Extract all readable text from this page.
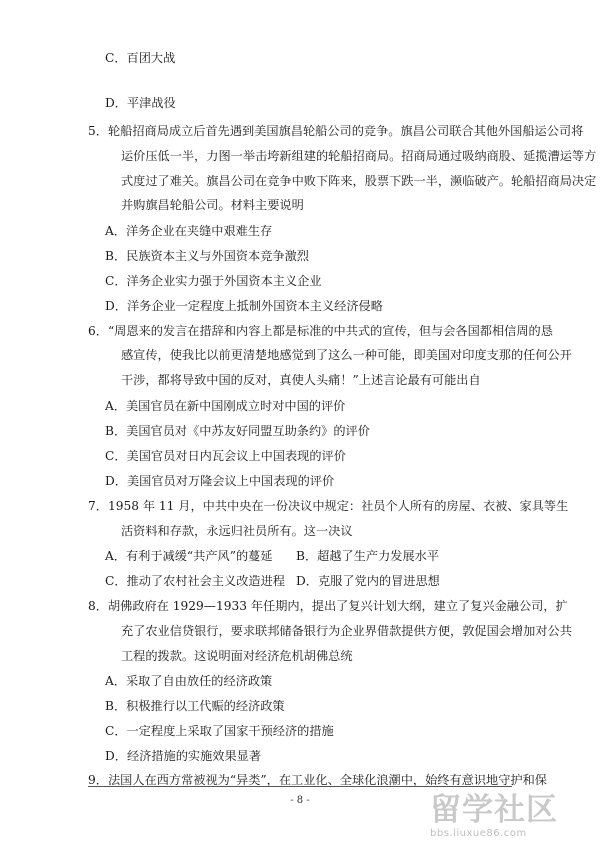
C．百团大战
D．平津战役
5．轮船招商局成立后首先遇到美国旗昌轮船公司的竞争。旗昌公司联合其他外国船运公司将
运价压低一半，力图一举击垮新组建的轮船招商局。招商局通过吸纳商股、延揽漕运等方
式度过了难关。旗昌公司在竞争中败下阵来，股票下跌一半，濒临破产。轮船招商局决定
并购旗昌轮船公司。材料主要说明
A．洋务企业在夹缝中艰难生存
B．民族资本主义与外国资本竞争激烈
C．洋务企业实力强于外国资本主义企业
D．洋务企业一定程度上抵制外国资本主义经济侵略
6．“周恩来的发言在措辞和内容上都是标准的中共式的宣传，但与会各国都相信周的恳
感宣传，使我比以前更清楚地感觉到了这么一种可能，即美国对印度支那的任何公开
干涉，都将导致中国的反对，真使人头痛！”上述言论最有可能出自
A．美国官员在新中国刚成立时对中国的评价
B．美国官员对《中苏友好同盟互助条约》的评价
C．美国官员对日内瓦会议上中国表现的评价
D．美国官员对万隆会议上中国表现的评价
7．1958 年 11 月，中共中央在一份决议中规定：社员个人所有的房屋、衣被、家具等生
活资料和存款，永远归社员所有。这一决议
A．有利于减缓“共产风”的蔓延 B．超越了生产力发展水平
C．推动了农村社会主义改造进程 D．克服了党内的冒进思想
8．胡佛政府在 1929—1933 年任期内，提出了复兴计划大纲，建立了复兴金融公司，扩
充了农业信贷银行，要求联邦储备银行为企业界借款提供方便，敦促国会增加对公共
工程的拨款。这说明面对经济危机胡佛总统
A．采取了自由放任的经济政策
B．积极推行以工代赈的经济政策
C．一定程度上采取了国家干预经济的措施
D．经济措施的实施效果显著
9．法国人在西方常被视为“异类”，在工业化、全球化浪潮中，始终有意识地守护和保
- 8 -	留学社区
bbs.liuxue86.com
